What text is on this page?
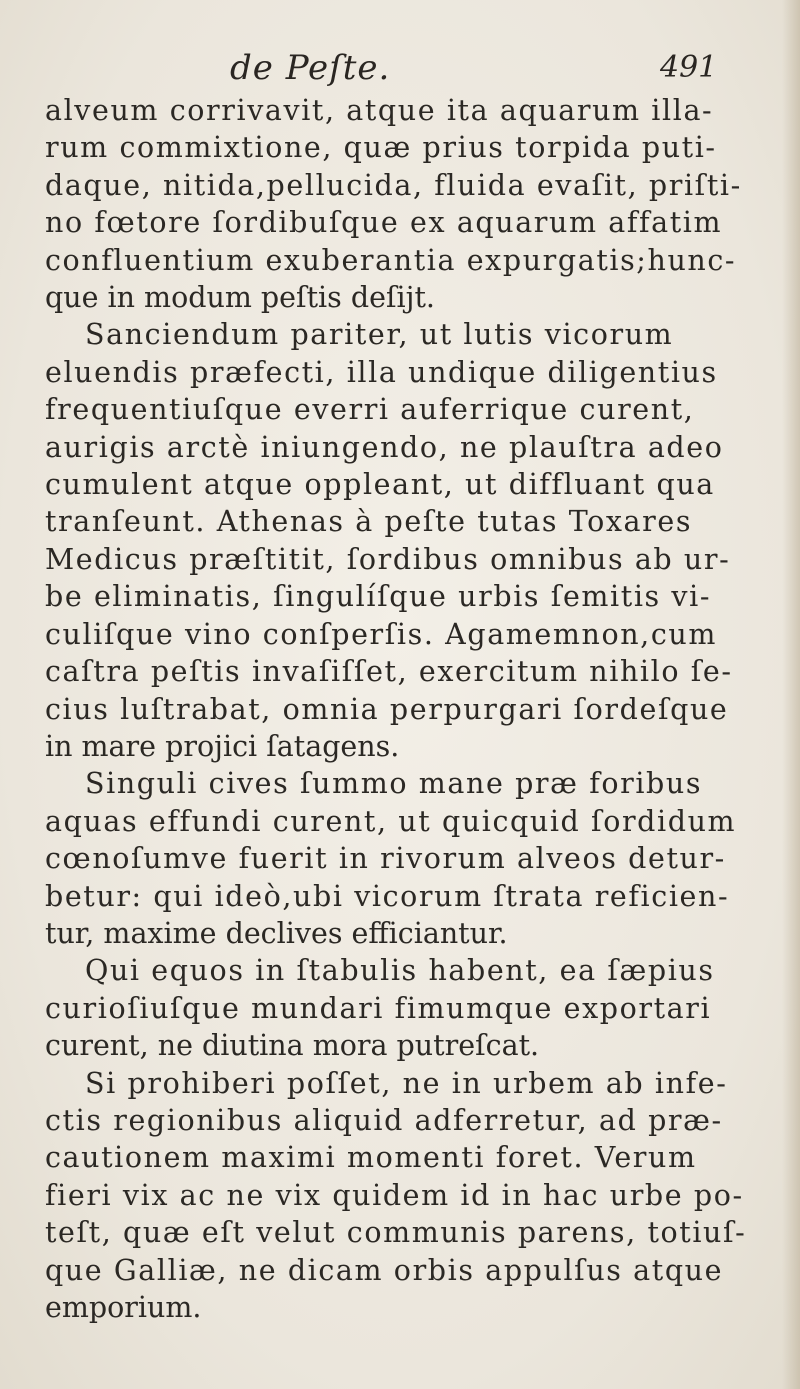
de Peſte.	491
alveum corrivavit, atque ita aquarum illa-
rum commixtione, quæ prius torpida puti-
daque, nitida,pellucida, fluida evaſit, priſti-
no fœtore ſordibuſque ex aquarum affatim
confluentium exuberantia expurgatis;hunc-
que in modum peſtis deſijt.
Sanciendum pariter, ut lutis vicorum
eluendis præfecti, illa undique diligentius
frequentiuſque everri auferrique curent,
aurigis arctè iniungendo, ne plauſtra adeo
cumulent atque oppleant, ut diffluant qua
tranſeunt. Athenas à peſte tutas Toxares
Medicus præſtitit, ſordibus omnibus ab ur-
be eliminatis, ſingulíſque urbis ſemitis vi-
culiſque vino conſperſis. Agamemnon,cum
caſtra peſtis invaſiſſet, exercitum nihilo ſe-
cius luſtrabat, omnia perpurgari ſordeſque
in mare projici ſatagens.
Singuli cives ſummo mane præ foribus
aquas effundi curent, ut quicquid ſordidum
cœnoſumve fuerit in rivorum alveos detur-
betur: qui ideò,ubi vicorum ſtrata reficien-
tur, maxime declives efficiantur.
Qui equos in ſtabulis habent, ea ſæpius
curioſiuſque mundari fimumque exportari
curent, ne diutina mora putreſcat.
Si prohiberi poſſet, ne in urbem ab infe-
ctis regionibus aliquid adferretur, ad præ-
cautionem maximi momenti foret. Verum
fieri vix ac ne vix quidem id in hac urbe po-
teſt, quæ eſt velut communis parens, totiuſ-
que Galliæ, ne dicam orbis appulſus atque
emporium.
